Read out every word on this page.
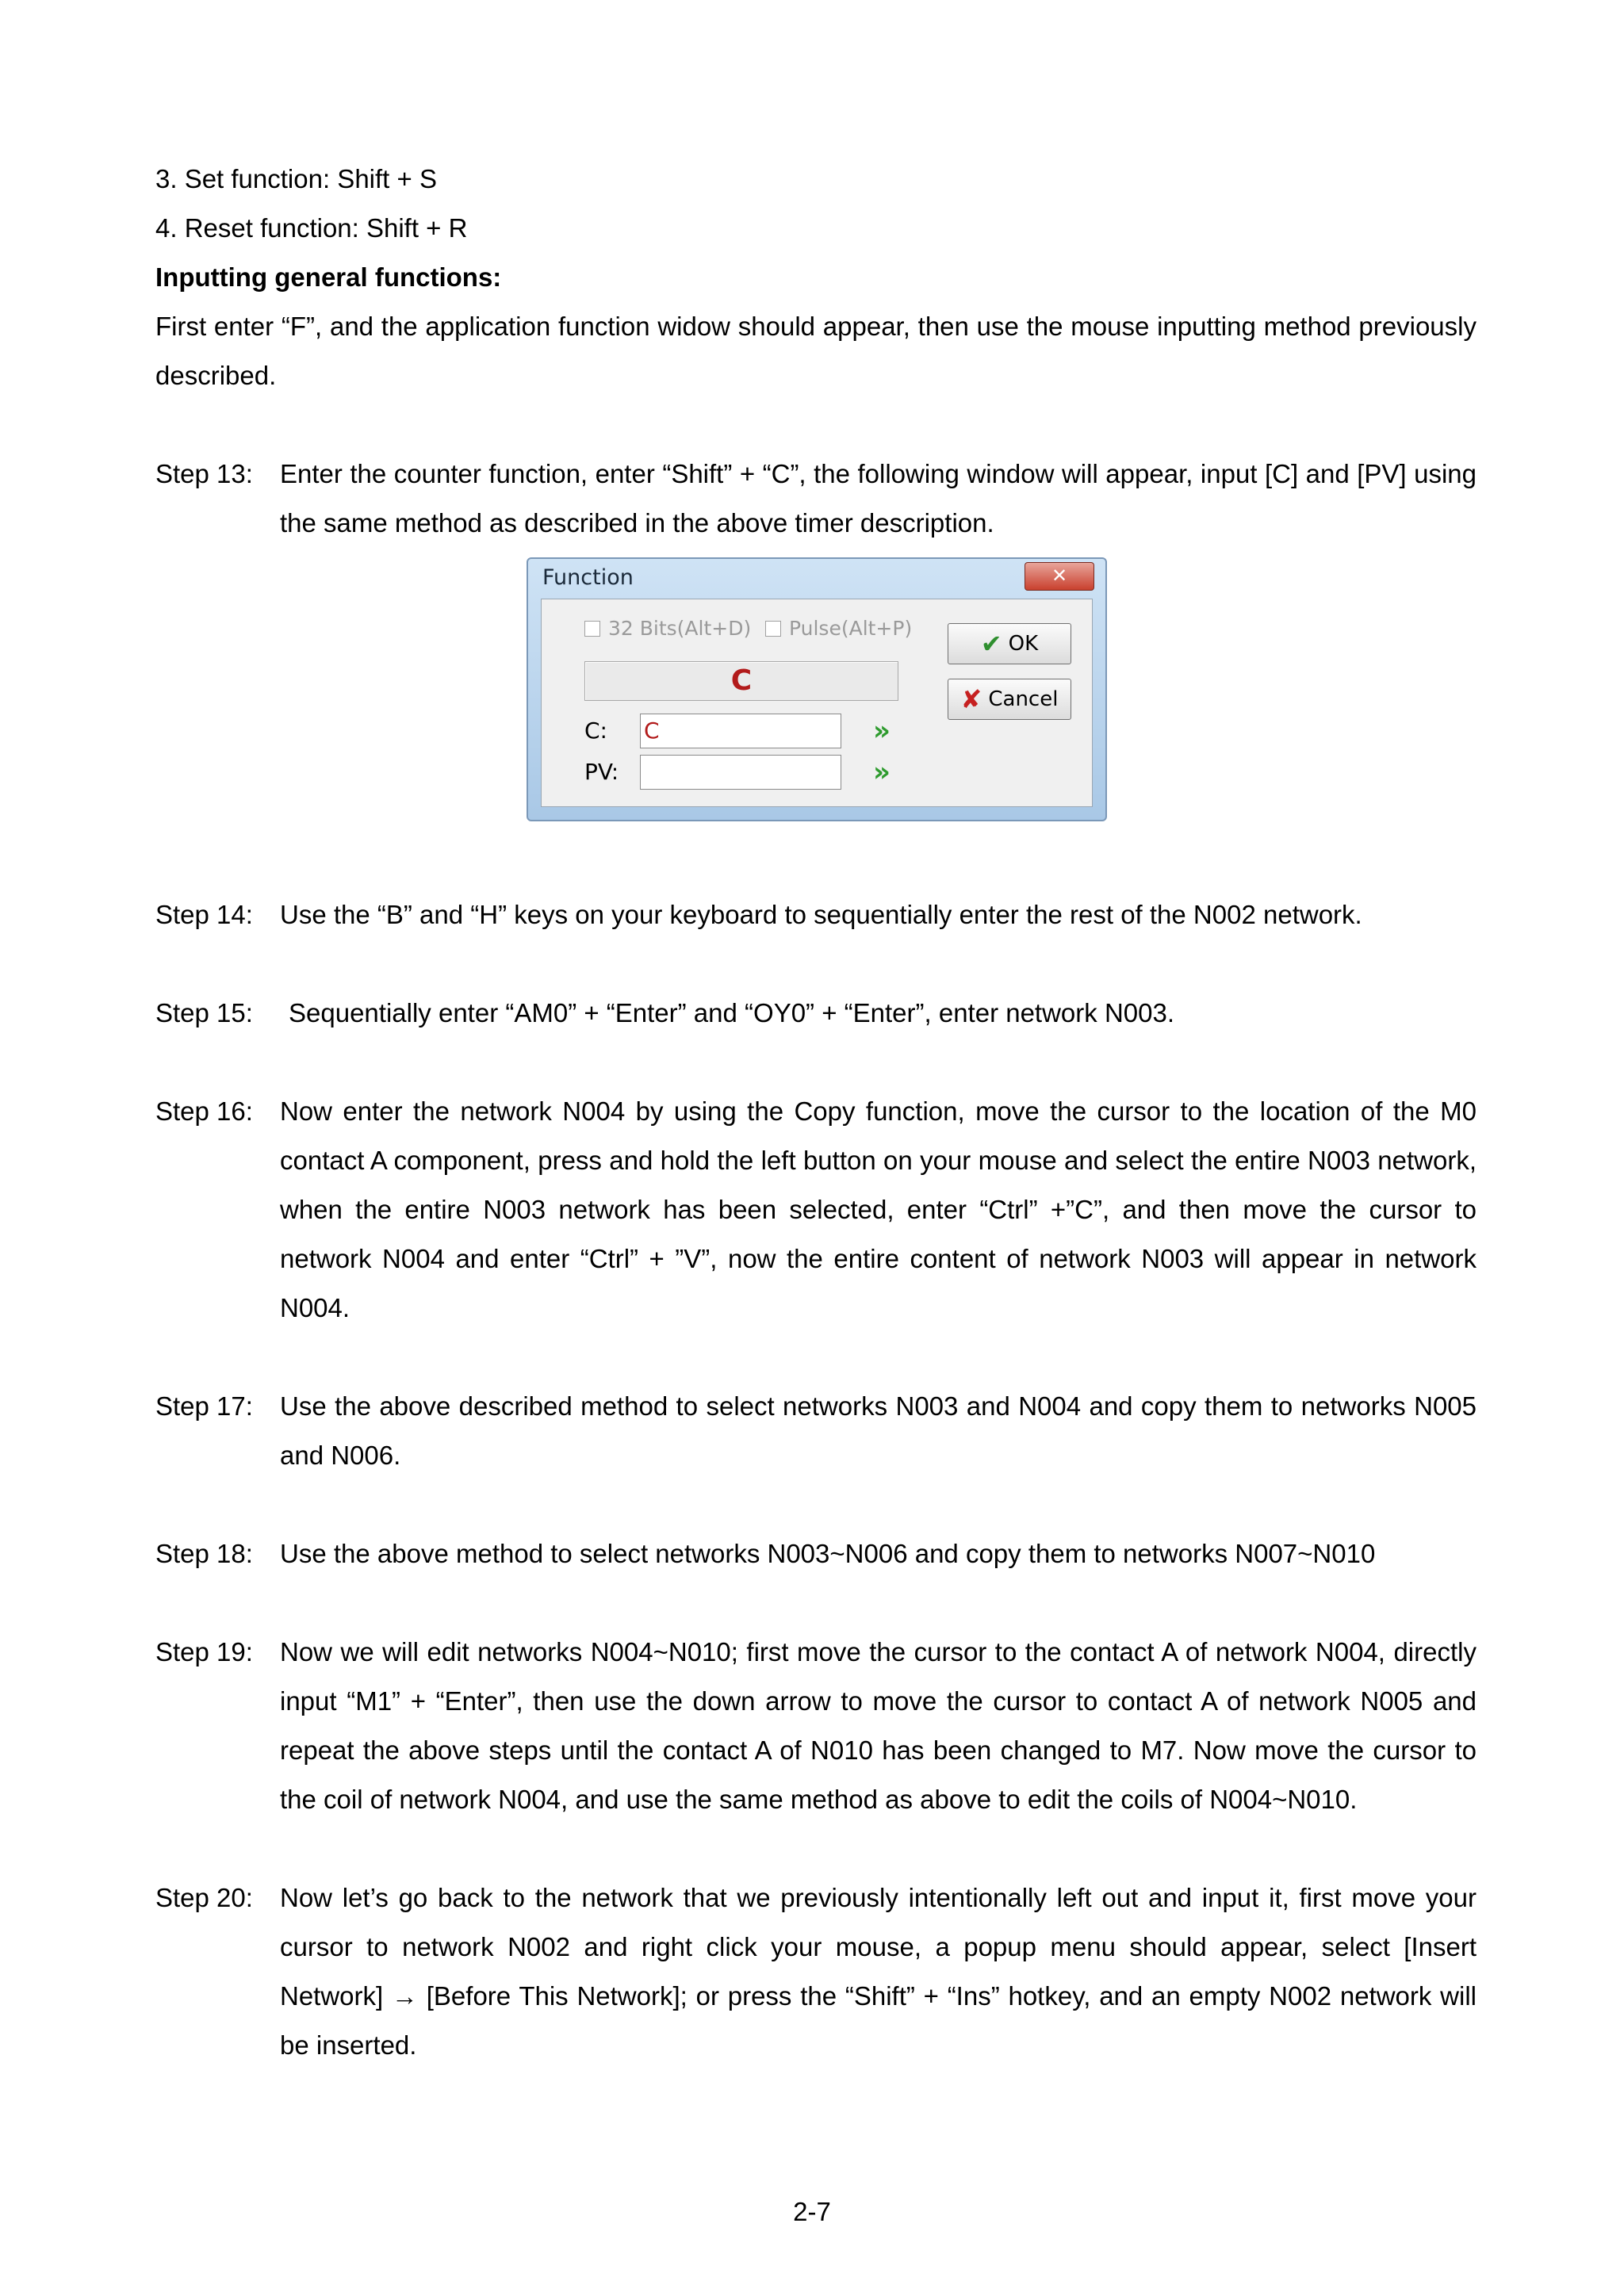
3. Set function: Shift + S

4. Reset function: Shift + R

Inputting general functions:

First enter “F”, and the application function widow should appear, then use the mouse inputting method previously described.

Step 13:	Enter the counter function, enter “Shift” + “C”, the following window will appear, input [C] and [PV] using the same method as described in the above timer description.
Function	✕
32 Bits(Alt+D) Pulse(Alt+P)
C
C: C	»
PV:	»
✔ OK
✘ Cancel
Step 14:	Use the “B” and “H” keys on your keyboard to sequentially enter the rest of the N002 network.
Step 15:	Sequentially enter “AM0” + “Enter” and “OY0” + “Enter”, enter network N003.
Step 16:	Now enter the network N004 by using the Copy function, move the cursor to the location of the M0 contact A component, press and hold the left button on your mouse and select the entire N003 network, when the entire N003 network has been selected, enter “Ctrl” +”C”, and then move the cursor to network N004 and enter “Ctrl” + ”V”, now the entire content of network N003 will appear in network N004.
Step 17:	Use the above described method to select networks N003 and N004 and copy them to networks N005 and N006.
Step 18:	Use the above method to select networks N003~N006 and copy them to networks N007~N010
Step 19:	Now we will edit networks N004~N010; first move the cursor to the contact A of network N004, directly input “M1” + “Enter”, then use the down arrow to move the cursor to contact A of network N005 and repeat the above steps until the contact A of N010 has been changed to M7. Now move the cursor to the coil of network N004, and use the same method as above to edit the coils of N004~N010.
Step 20:	Now let’s go back to the network that we previously intentionally left out and input it, first move your cursor to network N002 and right click your mouse, a popup menu should appear, select [Insert Network] → [Before This Network]; or press the “Shift” + “Ins” hotkey, and an empty N002 network will be inserted.
2-7
